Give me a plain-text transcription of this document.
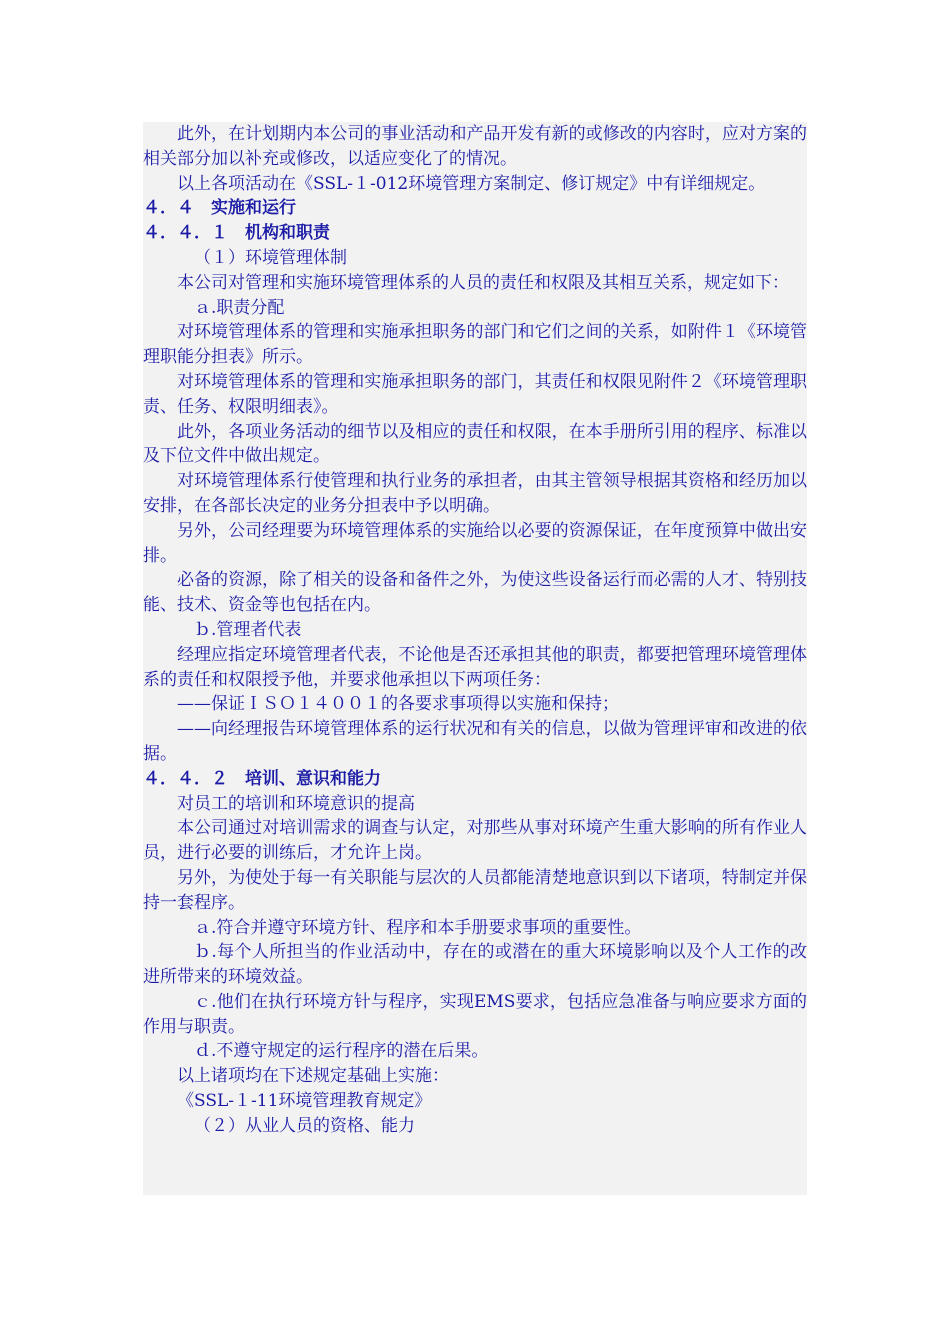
此外，在计划期内本公司的事业活动和产品开发有新的或修改的内容时，应对方案的相关部分加以补充或修改，以适应变化了的情况。

以上各项活动在《SSL-１-012环境管理方案制定、修订规定》中有详细规定。

４．４　实施和运行

４．４．１　机构和职责

（１）环境管理体制

本公司对管理和实施环境管理体系的人员的责任和权限及其相互关系，规定如下：

ａ.职责分配

对环境管理体系的管理和实施承担职务的部门和它们之间的关系，如附件１《环境管理职能分担表》所示。

对环境管理体系的管理和实施承担职务的部门，其责任和权限见附件２《环境管理职责、任务、权限明细表》。

此外，各项业务活动的细节以及相应的责任和权限，在本手册所引用的程序、标准以及下位文件中做出规定。

对环境管理体系行使管理和执行业务的承担者，由其主管领导根据其资格和经历加以安排，在各部长决定的业务分担表中予以明确。

另外，公司经理要为环境管理体系的实施给以必要的资源保证，在年度预算中做出安排。

必备的资源，除了相关的设备和备件之外，为使这些设备运行而必需的人才、特别技能、技术、资金等也包括在内。

ｂ.管理者代表

经理应指定环境管理者代表，不论他是否还承担其他的职责，都要把管理环境管理体系的责任和权限授予他，并要求他承担以下两项任务：

——保证ＩＳＯ１４００１的各要求事项得以实施和保持；

——向经理报告环境管理体系的运行状况和有关的信息，以做为管理评审和改进的依据。

４．４．２　培训、意识和能力

对员工的培训和环境意识的提高

本公司通过对培训需求的调查与认定，对那些从事对环境产生重大影响的所有作业人员，进行必要的训练后，才允许上岗。

另外，为使处于每一有关职能与层次的人员都能清楚地意识到以下诸项，特制定并保持一套程序。

ａ.符合并遵守环境方针、程序和本手册要求事项的重要性。

ｂ.每个人所担当的作业活动中，存在的或潜在的重大环境影响以及个人工作的改进所带来的环境效益。

ｃ.他们在执行环境方针与程序，实现EMS要求，包括应急准备与响应要求方面的作用与职责。

ｄ.不遵守规定的运行程序的潜在后果。

以上诸项均在下述规定基础上实施：

《SSL-１-11环境管理教育规定》

（２）从业人员的资格、能力
